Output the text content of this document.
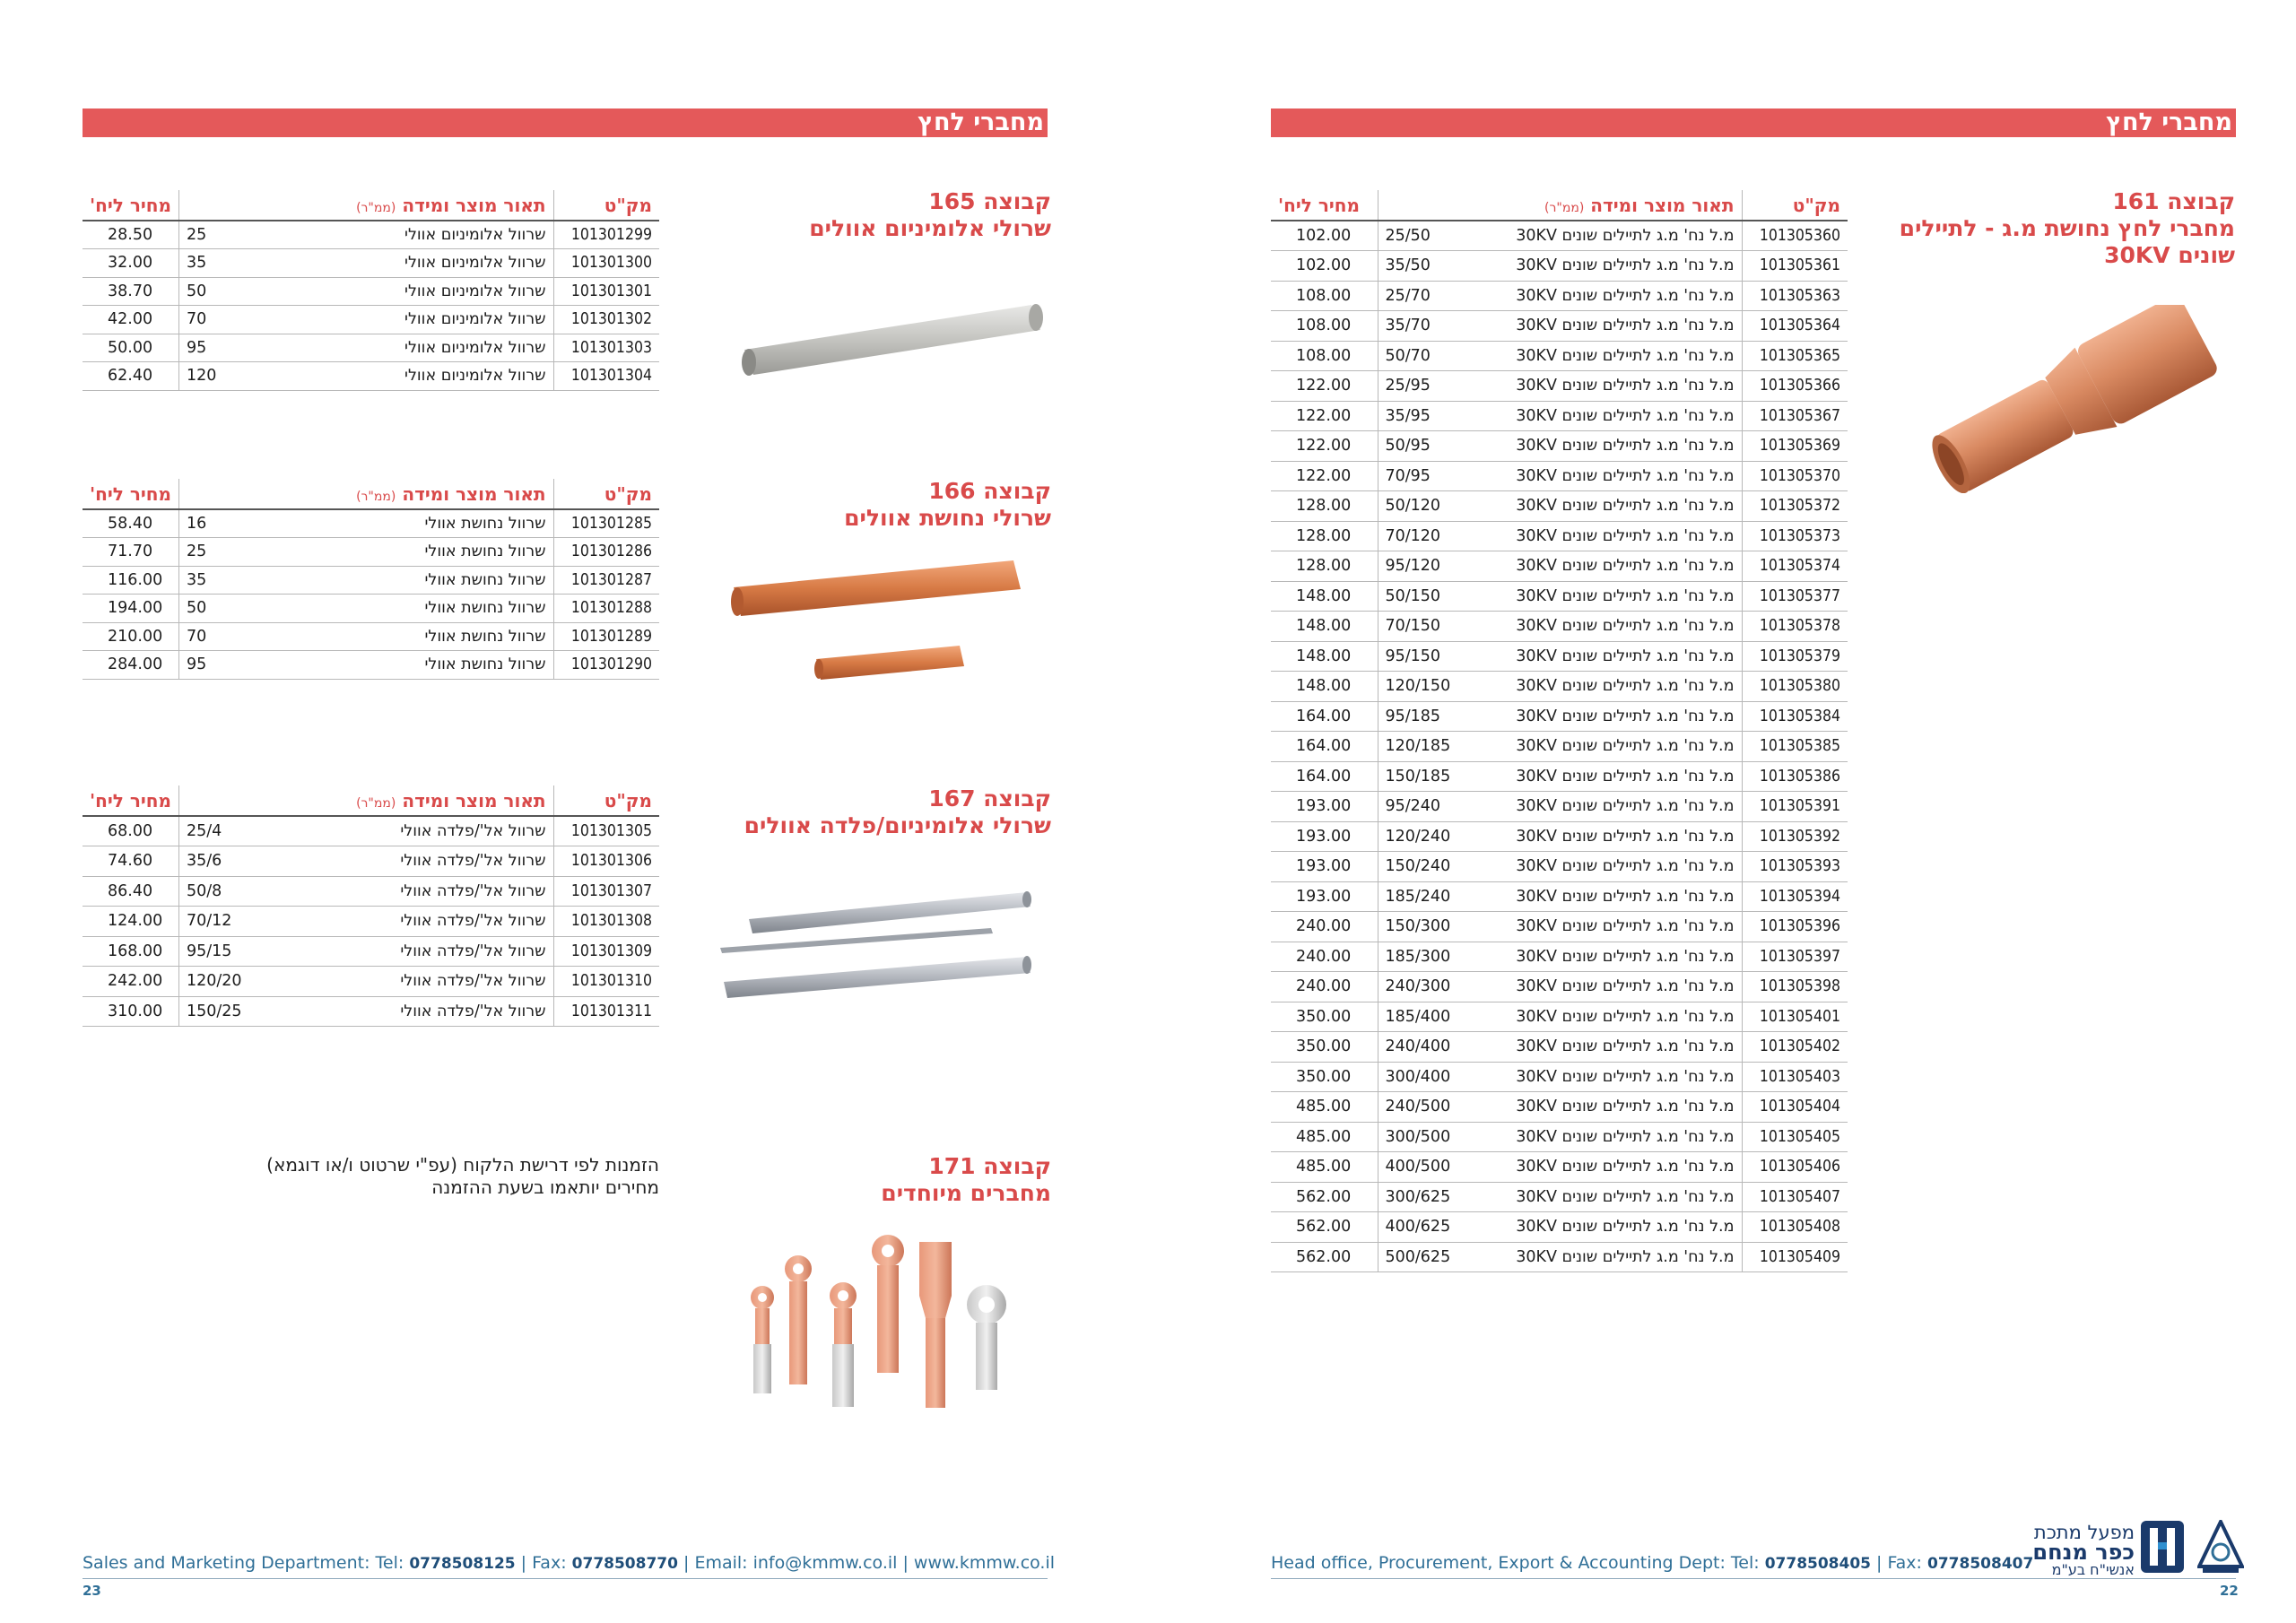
מחברי לחץ
קבוצה 165
שרולי אלומיניום אוולים
מק"ט	תאור מוצר ומידה (ממ"ר)		מחיר ליח'
101301299	שרוול אלומיניום אוולי	25	28.50
101301300	שרוול אלומיניום אוולי	35	32.00
101301301	שרוול אלומיניום אוולי	50	38.70
101301302	שרוול אלומיניום אוולי	70	42.00
101301303	שרוול אלומיניום אוולי	95	50.00
101301304	שרוול אלומיניום אוולי	120	62.40
קבוצה 166
שרולי נחושת אוולים
מק"ט	תאור מוצר ומידה (ממ"ר)		מחיר ליח'
101301285	שרוול נחושת אוולי	16	58.40
101301286	שרוול נחושת אוולי	25	71.70
101301287	שרוול נחושת אוולי	35	116.00
101301288	שרוול נחושת אוולי	50	194.00
101301289	שרוול נחושת אוולי	70	210.00
101301290	שרוול נחושת אוולי	95	284.00
קבוצה 167
שרולי אלומיניום/פלדה אוולים
מק"ט	תאור מוצר ומידה (ממ"ר)		מחיר ליח'
101301305	שרוול אל'/פלדה אוולי	25/4	68.00
101301306	שרוול אל'/פלדה אוולי	35/6	74.60
101301307	שרוול אל'/פלדה אוולי	50/8	86.40
101301308	שרוול אל'/פלדה אוולי	70/12	124.00
101301309	שרוול אל'/פלדה אוולי	95/15	168.00
101301310	שרוול אל'/פלדה אוולי	120/20	242.00
101301311	שרוול אל'/פלדה אוולי	150/25	310.00
קבוצה 171
מחברים מיוחדים
הזמנות לפי דרישת הלקוח (עפ"י שרטוט ו/או דוגמא)
מחירים יותאמו בשעת ההזמנה
Sales and Marketing Department: Tel: 0778508125 | Fax: 0778508770 | Email: info@kmmw.co.il | www.kmmw.co.il
23
מחברי לחץ
קבוצה 161
מחברי לחץ נחושת מ.ג - לתיילים
שונים 30KV
מק"ט	תאור מוצר ומידה (ממ"ר)		מחיר ליח'
101305360	מ.ל נח' מ.ג לתיילים שונים 30KV	25/50	102.00
101305361	מ.ל נח' מ.ג לתיילים שונים 30KV	35/50	102.00
101305363	מ.ל נח' מ.ג לתיילים שונים 30KV	25/70	108.00
101305364	מ.ל נח' מ.ג לתיילים שונים 30KV	35/70	108.00
101305365	מ.ל נח' מ.ג לתיילים שונים 30KV	50/70	108.00
101305366	מ.ל נח' מ.ג לתיילים שונים 30KV	25/95	122.00
101305367	מ.ל נח' מ.ג לתיילים שונים 30KV	35/95	122.00
101305369	מ.ל נח' מ.ג לתיילים שונים 30KV	50/95	122.00
101305370	מ.ל נח' מ.ג לתיילים שונים 30KV	70/95	122.00
101305372	מ.ל נח' מ.ג לתיילים שונים 30KV	50/120	128.00
101305373	מ.ל נח' מ.ג לתיילים שונים 30KV	70/120	128.00
101305374	מ.ל נח' מ.ג לתיילים שונים 30KV	95/120	128.00
101305377	מ.ל נח' מ.ג לתיילים שונים 30KV	50/150	148.00
101305378	מ.ל נח' מ.ג לתיילים שונים 30KV	70/150	148.00
101305379	מ.ל נח' מ.ג לתיילים שונים 30KV	95/150	148.00
101305380	מ.ל נח' מ.ג לתיילים שונים 30KV	120/150	148.00
101305384	מ.ל נח' מ.ג לתיילים שונים 30KV	95/185	164.00
101305385	מ.ל נח' מ.ג לתיילים שונים 30KV	120/185	164.00
101305386	מ.ל נח' מ.ג לתיילים שונים 30KV	150/185	164.00
101305391	מ.ל נח' מ.ג לתיילים שונים 30KV	95/240	193.00
101305392	מ.ל נח' מ.ג לתיילים שונים 30KV	120/240	193.00
101305393	מ.ל נח' מ.ג לתיילים שונים 30KV	150/240	193.00
101305394	מ.ל נח' מ.ג לתיילים שונים 30KV	185/240	193.00
101305396	מ.ל נח' מ.ג לתיילים שונים 30KV	150/300	240.00
101305397	מ.ל נח' מ.ג לתיילים שונים 30KV	185/300	240.00
101305398	מ.ל נח' מ.ג לתיילים שונים 30KV	240/300	240.00
101305401	מ.ל נח' מ.ג לתיילים שונים 30KV	185/400	350.00
101305402	מ.ל נח' מ.ג לתיילים שונים 30KV	240/400	350.00
101305403	מ.ל נח' מ.ג לתיילים שונים 30KV	300/400	350.00
101305404	מ.ל נח' מ.ג לתיילים שונים 30KV	240/500	485.00
101305405	מ.ל נח' מ.ג לתיילים שונים 30KV	300/500	485.00
101305406	מ.ל נח' מ.ג לתיילים שונים 30KV	400/500	485.00
101305407	מ.ל נח' מ.ג לתיילים שונים 30KV	300/625	562.00
101305408	מ.ל נח' מ.ג לתיילים שונים 30KV	400/625	562.00
101305409	מ.ל נח' מ.ג לתיילים שונים 30KV	500/625	562.00
Head office, Procurement, Export & Accounting Dept: Tel: 0778508405 | Fax: 0778508407
22
מפעל מתכת
כפר מנחם
אנשי"ח בע"מ
